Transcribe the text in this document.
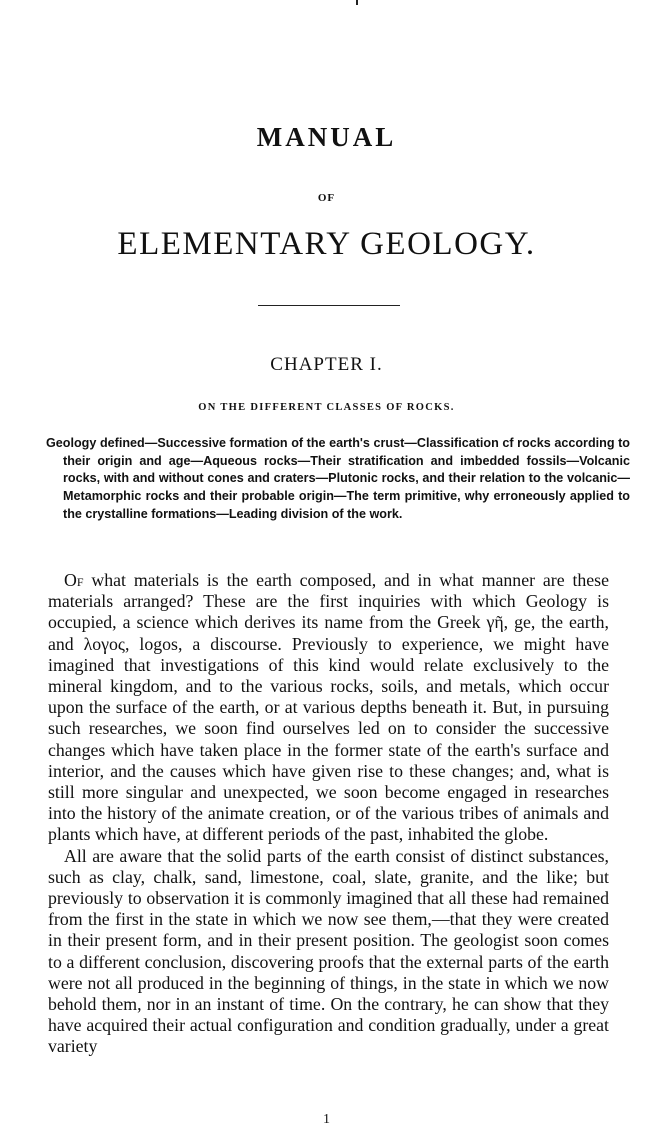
MANUAL
OF
ELEMENTARY GEOLOGY.
CHAPTER I.
ON THE DIFFERENT CLASSES OF ROCKS.
Geology defined—Successive formation of the earth's crust—Classification cf rocks according to their origin and age—Aqueous rocks—Their stratification and imbedded fossils—Volcanic rocks, with and without cones and craters—Plutonic rocks, and their relation to the volcanic—Metamorphic rocks and their probable origin—The term primitive, why erroneously applied to the crystalline formations—Leading division of the work.

Of what materials is the earth composed, and in what manner are these materials arranged? These are the first inquiries with which Geology is occupied, a science which derives its name from the Greek γῆ, ge, the earth, and λογος, logos, a discourse. Previously to experience, we might have imagined that investigations of this kind would relate exclusively to the mineral kingdom, and to the various rocks, soils, and metals, which occur upon the surface of the earth, or at various depths beneath it. But, in pursuing such researches, we soon find ourselves led on to consider the successive changes which have taken place in the former state of the earth's surface and interior, and the causes which have given rise to these changes; and, what is still more singular and unexpected, we soon become engaged in researches into the history of the animate creation, or of the various tribes of animals and plants which have, at different periods of the past, inhabited the globe.

All are aware that the solid parts of the earth consist of distinct substances, such as clay, chalk, sand, limestone, coal, slate, granite, and the like; but previously to observation it is commonly imagined that all these had remained from the first in the state in which we now see them,—that they were created in their present form, and in their present position. The geologist soon comes to a different conclusion, discovering proofs that the external parts of the earth were not all produced in the beginning of things, in the state in which we now behold them, nor in an instant of time. On the contrary, he can show that they have acquired their actual configuration and condition gradually, under a great variety

1
